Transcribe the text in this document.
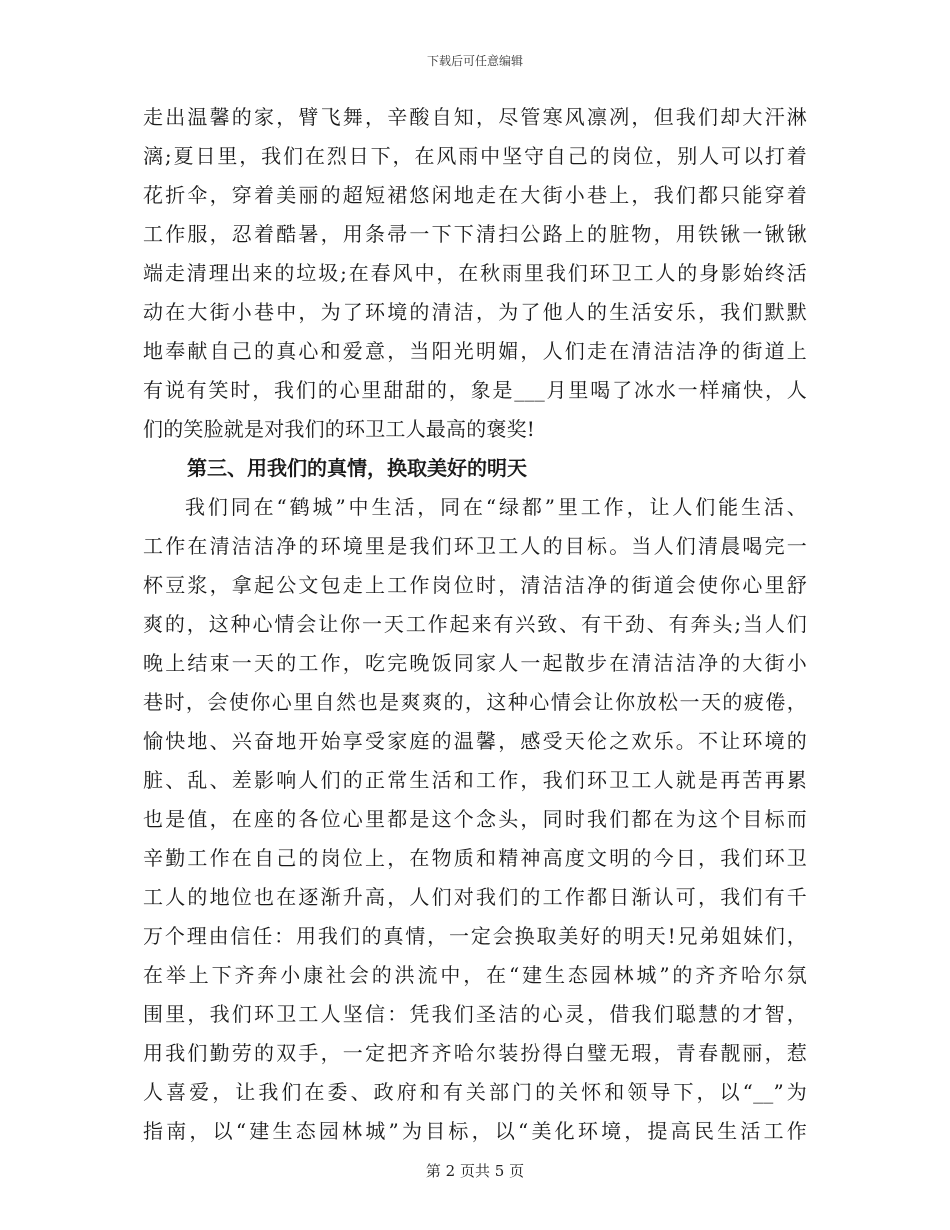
下载后可任意编辑
走出温馨的家，臂飞舞，辛酸自知，尽管寒风凛冽，但我们却大汗淋
漓;夏日里，我们在烈日下，在风雨中坚守自己的岗位，别人可以打着
花折伞，穿着美丽的超短裙悠闲地走在大街小巷上，我们都只能穿着
工作服，忍着酷暑，用条帚一下下清扫公路上的脏物，用铁锹一锹锹
端走清理出来的垃圾;在春风中，在秋雨里我们环卫工人的身影始终活
动在大街小巷中，为了环境的清洁，为了他人的生活安乐，我们默默
地奉献自己的真心和爱意，当阳光明媚，人们走在清洁洁净的街道上
有说有笑时，我们的心里甜甜的，象是___月里喝了冰水一样痛快，人
们的笑脸就是对我们的环卫工人最高的褒奖!
第三、用我们的真情，换取美好的明天
我们同在“鹤城”中生活，同在“绿都”里工作，让人们能生活、
工作在清洁洁净的环境里是我们环卫工人的目标。当人们清晨喝完一
杯豆浆，拿起公文包走上工作岗位时，清洁洁净的街道会使你心里舒
爽的，这种心情会让你一天工作起来有兴致、有干劲、有奔头;当人们
晚上结束一天的工作，吃完晚饭同家人一起散步在清洁洁净的大街小
巷时，会使你心里自然也是爽爽的，这种心情会让你放松一天的疲倦，
愉快地、兴奋地开始享受家庭的温馨，感受天伦之欢乐。不让环境的
脏、乱、差影响人们的正常生活和工作，我们环卫工人就是再苦再累
也是值，在座的各位心里都是这个念头，同时我们都在为这个目标而
辛勤工作在自己的岗位上，在物质和精神高度文明的今日，我们环卫
工人的地位也在逐渐升高，人们对我们的工作都日渐认可，我们有千
万个理由信任：用我们的真情，一定会换取美好的明天!兄弟姐妹们，
在举上下齐奔小康社会的洪流中，在“建生态园林城”的齐齐哈尔氛
围里，我们环卫工人坚信：凭我们圣洁的心灵，借我们聪慧的才智，
用我们勤劳的双手，一定把齐齐哈尔装扮得白璧无瑕，青春靓丽，惹
人喜爱，让我们在委、政府和有关部门的关怀和领导下，以“__”为
指南，以“建生态园林城”为目标，以“美化环境，提高民生活工作
第 2 页共 5 页
